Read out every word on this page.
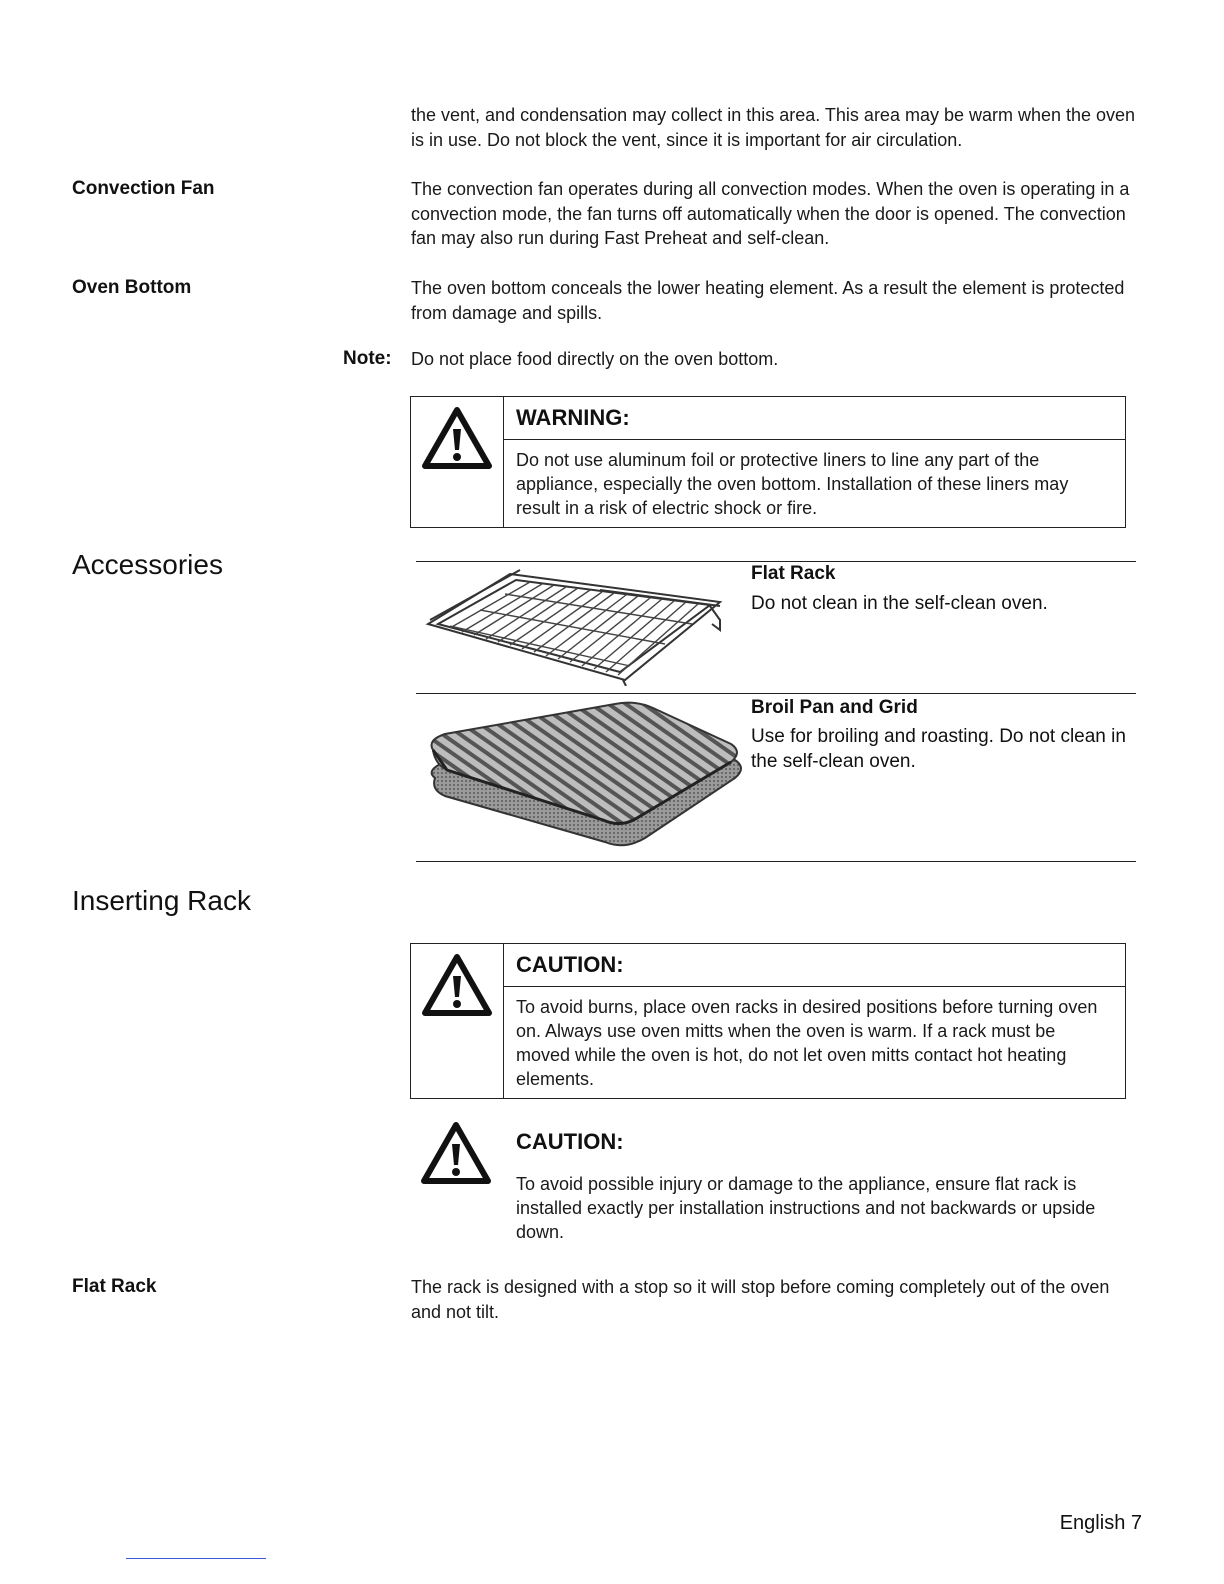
the vent, and condensation may collect in this area. This area may be warm when the oven is in use. Do not block the vent, since it is important for air circulation.
Convection Fan	The convection fan operates during all convection modes. When the oven is operating in a convection mode, the fan turns off automatically when the door is opened. The convection fan may also run during Fast Preheat and self-clean.
Oven Bottom	The oven bottom conceals the lower heating element. As a result the element is protected from damage and spills.
Note: Do not place food directly on the oven bottom.
WARNING:
Do not use aluminum foil or protective liners to line any part of the appliance, especially the oven bottom. Installation of these liners may result in a risk of electric shock or fire.
Accessories	Flat Rack
Do not clean in the self-clean oven.
Broil Pan and Grid
Use for broiling and roasting. Do not clean in the self-clean oven.
Inserting Rack
CAUTION:
To avoid burns, place oven racks in desired positions before turning oven on. Always use oven mitts when the oven is warm. If a rack must be moved while the oven is hot, do not let oven mitts contact hot heating elements.
CAUTION:
To avoid possible injury or damage to the appliance, ensure flat rack is installed exactly per installation instructions and not backwards or upside down.
Flat Rack	The rack is designed with a stop so it will stop before coming completely out of the oven and not tilt.
English 7
